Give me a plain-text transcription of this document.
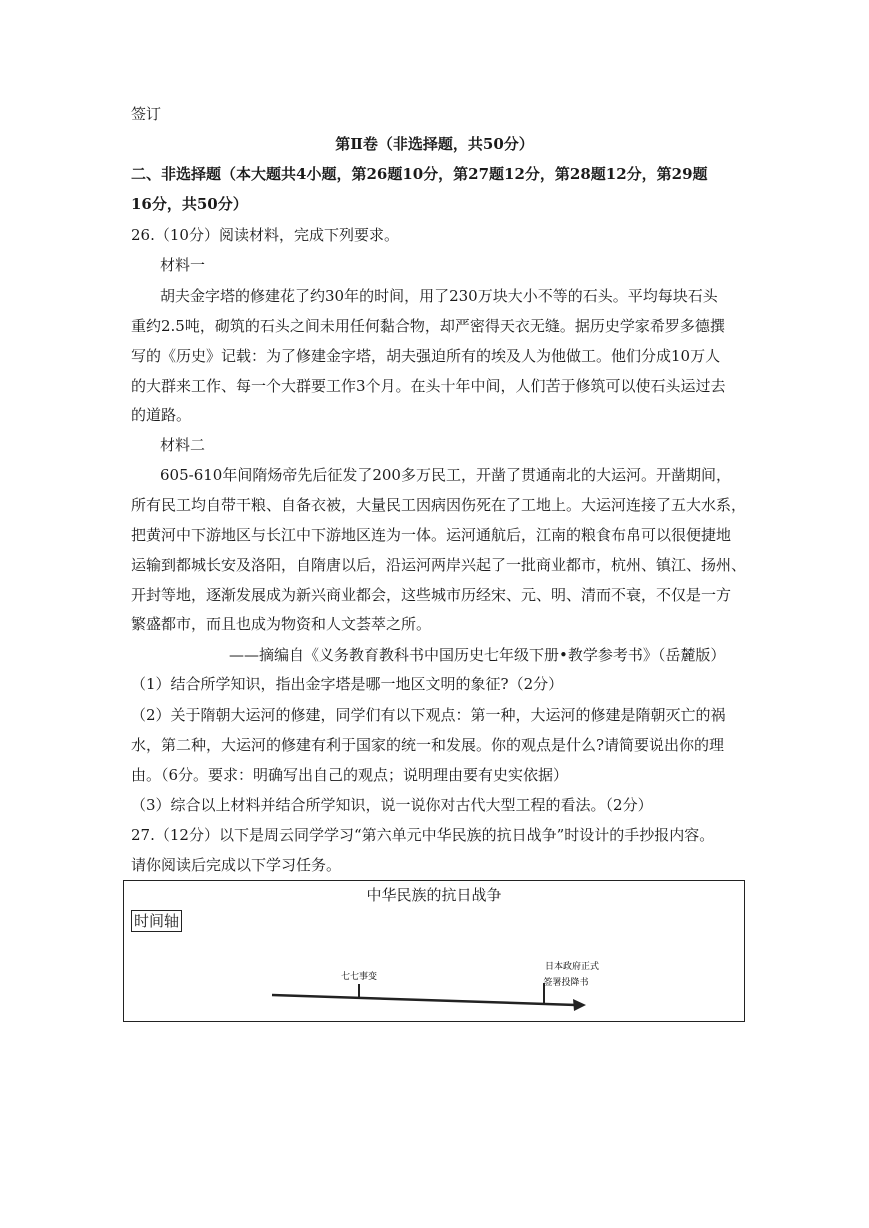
签订
第Ⅱ卷（非选择题，共50分）
二、非选择题（本大题共4小题，第26题10分，第27题12分，第28题12分，第29题
16分，共50分）
26.（10分）阅读材料，完成下列要求。
材料一
胡夫金字塔的修建花了约30年的时间，用了230万块大小不等的石头。平均每块石头
重约2.5吨，砌筑的石头之间未用任何黏合物，却严密得天衣无缝。据历史学家希罗多德撰
写的《历史》记载：为了修建金字塔，胡夫强迫所有的埃及人为他做工。他们分成10万人
的大群来工作、每一个大群要工作3个月。在头十年中间，人们苦于修筑可以使石头运过去
的道路。
材料二
605-610年间隋炀帝先后征发了200多万民工，开凿了贯通南北的大运河。开凿期间，
所有民工均自带干粮、自备衣被，大量民工因病因伤死在了工地上。大运河连接了五大水系，
把黄河中下游地区与长江中下游地区连为一体。运河通航后，江南的粮食布帛可以很便捷地
运输到都城长安及洛阳，自隋唐以后，沿运河两岸兴起了一批商业都市，杭州、镇江、扬州、
开封等地，逐渐发展成为新兴商业都会，这些城市历经宋、元、明、清而不衰，不仅是一方
繁盛都市，而且也成为物资和人文荟萃之所。
——摘编自《义务教育教科书中国历史七年级下册•教学参考书》（岳麓版）
（1）结合所学知识，指出金字塔是哪一地区文明的象征?（2分）
（2）关于隋朝大运河的修建，同学们有以下观点：第一种，大运河的修建是隋朝灭亡的祸
水，第二种，大运河的修建有利于国家的统一和发展。你的观点是什么?请简要说出你的理
由。（6分。要求：明确写出自己的观点；说明理由要有史实依据）
（3）综合以上材料并结合所学知识，说一说你对古代大型工程的看法。（2分）
27.（12分）以下是周云同学学习“第六单元中华民族的抗日战争”时设计的手抄报内容。
请你阅读后完成以下学习任务。
中华民族的抗日战争
时间轴
七七事变
日本政府正式
签署投降书
